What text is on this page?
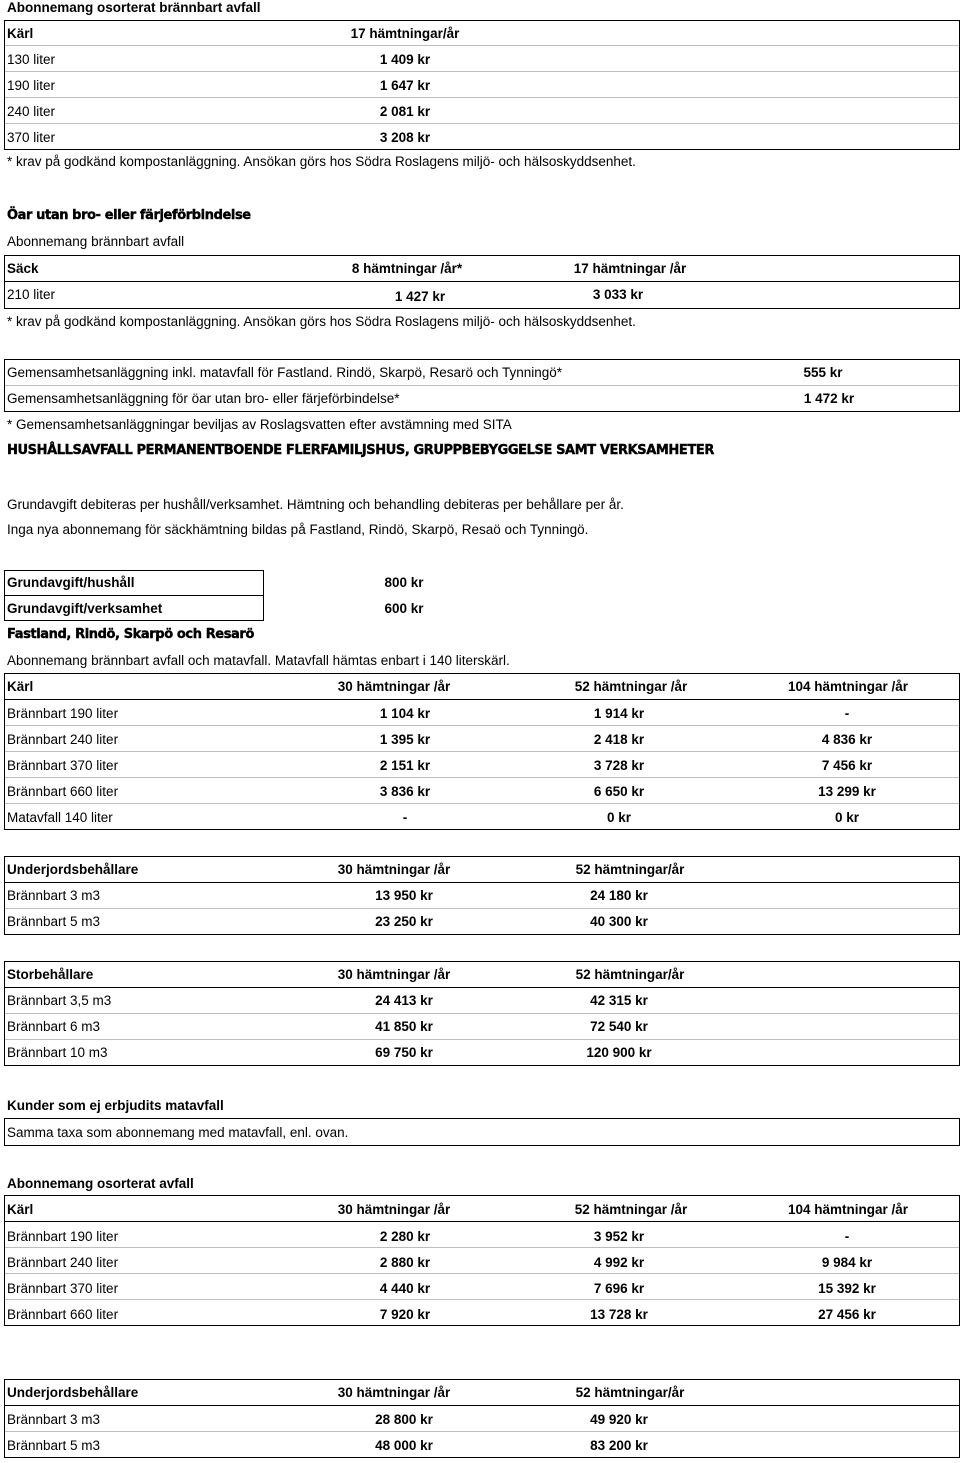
Abonnemang osorterat brännbart avfall
Kärl	17 hämtningar/år
130 liter	1 409 kr
190 liter	1 647 kr
240 liter	2 081 kr
370 liter	3 208 kr
* krav på godkänd kompostanläggning. Ansökan görs hos Södra Roslagens miljö- och hälsoskyddsenhet.
Öar utan bro- eller färjeförbindelse
Abonnemang brännbart avfall
Säck	8 hämtningar /år*	17 hämtningar /år
210 liter	1 427 kr	3 033 kr
* krav på godkänd kompostanläggning. Ansökan görs hos Södra Roslagens miljö- och hälsoskyddsenhet.
Gemensamhetsanläggning inkl. matavfall för Fastland. Rindö, Skarpö, Resarö och Tynningö*	555 kr
Gemensamhetsanläggning för öar utan bro- eller färjeförbindelse*	1 472 kr
* Gemensamhetsanläggningar beviljas av Roslagsvatten efter avstämning med SITA
HUSHÅLLSAVFALL PERMANENTBOENDE FLERFAMILJSHUS, GRUPPBEBYGGELSE SAMT VERKSAMHETER
Grundavgift debiteras per hushåll/verksamhet. Hämtning och behandling debiteras per behållare per år.
Inga nya abonnemang för säckhämtning bildas på Fastland, Rindö, Skarpö, Resaö och Tynningö.
Grundavgift/hushåll	800 kr
Grundavgift/verksamhet	600 kr
Fastland, Rindö, Skarpö och Resarö
Abonnemang brännbart avfall och matavfall. Matavfall hämtas enbart i 140 literskärl.
Kärl	30 hämtningar /år	52 hämtningar /år	104 hämtningar /år
Brännbart 190 liter	1 104 kr	1 914 kr	-
Brännbart 240 liter	1 395 kr	2 418 kr	4 836 kr
Brännbart 370 liter	2 151 kr	3 728 kr	7 456 kr
Brännbart 660 liter	3 836 kr	6 650 kr	13 299 kr
Matavfall 140 liter	-	0 kr	0 kr
Underjordsbehållare	30 hämtningar /år	52 hämtningar/år
Brännbart 3 m3	13 950 kr	24 180 kr
Brännbart 5 m3	23 250 kr	40 300 kr
Storbehållare	30 hämtningar /år	52 hämtningar/år
Brännbart 3,5 m3	24 413 kr	42 315 kr
Brännbart 6 m3	41 850 kr	72 540 kr
Brännbart 10 m3	69 750 kr	120 900 kr
Kunder som ej erbjudits matavfall
Samma taxa som abonnemang med matavfall, enl. ovan.
Abonnemang osorterat avfall
Kärl	30 hämtningar /år	52 hämtningar /år	104 hämtningar /år
Brännbart 190 liter	2 280 kr	3 952 kr	-
Brännbart 240 liter	2 880 kr	4 992 kr	9 984 kr
Brännbart 370 liter	4 440 kr	7 696 kr	15 392 kr
Brännbart 660 liter	7 920 kr	13 728 kr	27 456 kr
Underjordsbehållare	30 hämtningar /år	52 hämtningar/år
Brännbart 3 m3	28 800 kr	49 920 kr
Brännbart 5 m3	48 000 kr	83 200 kr
